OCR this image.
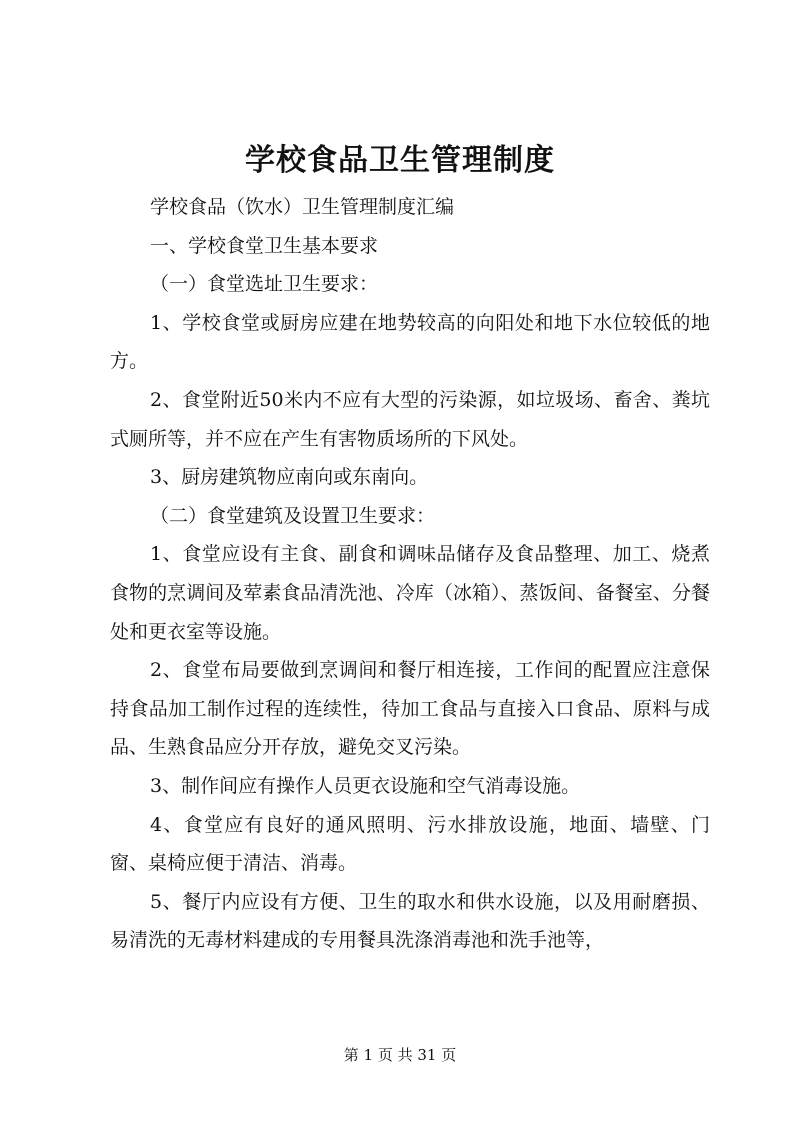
学校食品卫生管理制度

学校食品（饮水）卫生管理制度汇编

一、学校食堂卫生基本要求

（一）食堂选址卫生要求：

1、学校食堂或厨房应建在地势较高的向阳处和地下水位较低的地方。

2、食堂附近50米内不应有大型的污染源，如垃圾场、畜舍、粪坑式厕所等，并不应在产生有害物质场所的下风处。

3、厨房建筑物应南向或东南向。

（二）食堂建筑及设置卫生要求：

1、食堂应设有主食、副食和调味品储存及食品整理、加工、烧煮食物的烹调间及荤素食品清洗池、冷库（冰箱）、蒸饭间、备餐室、分餐处和更衣室等设施。

2、食堂布局要做到烹调间和餐厅相连接，工作间的配置应注意保持食品加工制作过程的连续性，待加工食品与直接入口食品、原料与成品、生熟食品应分开存放，避免交叉污染。

3、制作间应有操作人员更衣设施和空气消毒设施。

4、食堂应有良好的通风照明、污水排放设施，地面、墙壁、门窗、桌椅应便于清洁、消毒。

5、餐厅内应设有方便、卫生的取水和供水设施，以及用耐磨损、易清洗的无毒材料建成的专用餐具洗涤消毒池和洗手池等，

第 1 页 共 31 页
